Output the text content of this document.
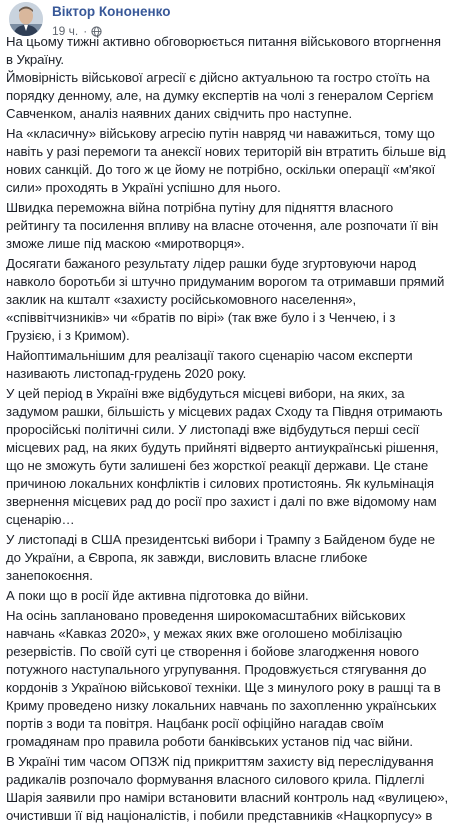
Віктор Кононенко
19 ч. ·
На цьому тижні активно обговорюється питання військового вторгнення
в Україну.
Ймовірність військової агресії є дійсно актуальною та гостро стоїть на
порядку денному, але, на думку експертів на чолі з генералом Сергієм
Савченком, аналіз наявних даних свідчить про наступне.
На «класичну» військову агресію путін навряд чи наважиться, тому що
навіть у разі перемоги та анексії нових територій він втратить більше від
нових санкцій. До того ж це йому не потрібно, оскільки операції «м'якої
сили» проходять в Україні успішно для нього.
Швидка переможна війна потрібна путіну для підняття власного
рейтингу та посилення впливу на власне оточення, але розпочати її він
зможе лише під маскою «миротворця».
Досягати бажаного результату лідер рашки буде згуртовуючи народ
навколо боротьби зі штучно придуманим ворогом та отримавши прямий
заклик на кшталт «захисту російськомовного населення»,
«співвітчизників» чи «братів по вірі» (так вже було і з Ченчею, і з
Грузією, і з Кримом).
Найоптимальнішим для реалізації такого сценарію часом експерти
називають листопад-грудень 2020 року.
У цей період в Україні вже відбудуться місцеві вибори, на яких, за
задумом рашки, більшість у місцевих радах Сходу та Півдня отримають
проросійські політичні сили. У листопаді вже відбудуться перші сесії
місцевих рад, на яких будуть прийняті відверто антиукраїнські рішення,
що не зможуть бути залишені без жорсткої реакції держави. Це стане
причиною локальних конфліктів і силових протистоянь. Як кульмінація
звернення місцевих рад до росії про захист і далі по вже відомому нам
сценарію…
У листопаді в США президентські вибори і Трампу з Байденом буде не
до України, а Європа, як завжди, висловить власне глибоке
занепокоєння.
А поки що в росії йде активна підготовка до війни.
На осінь заплановано проведення широкомасштабних військових
навчань «Кавказ 2020», у межах яких вже оголошено мобілізацію
резервістів. По своїй суті це створення і бойове злагодження нового
потужного наступального угрупування. Продовжується стягування до
кордонів з Україною військової техніки. Ще з минулого року в рашці та в
Криму проведено низку локальних навчань по захопленню українських
портів з води та повітря. Нацбанк росії офіційно нагадав своїм
громадянам про правила роботи банківських установ під час війни.
В Україні тим часом ОПЗЖ під прикриттям захисту від переслідування
радикалів розпочало формування власного силового крила. Підлеглі
Шарія заявили про наміри встановити власний контроль над «вулицею»,
очистивши її від націоналістів, і побили представників «Нацкорпусу» в
